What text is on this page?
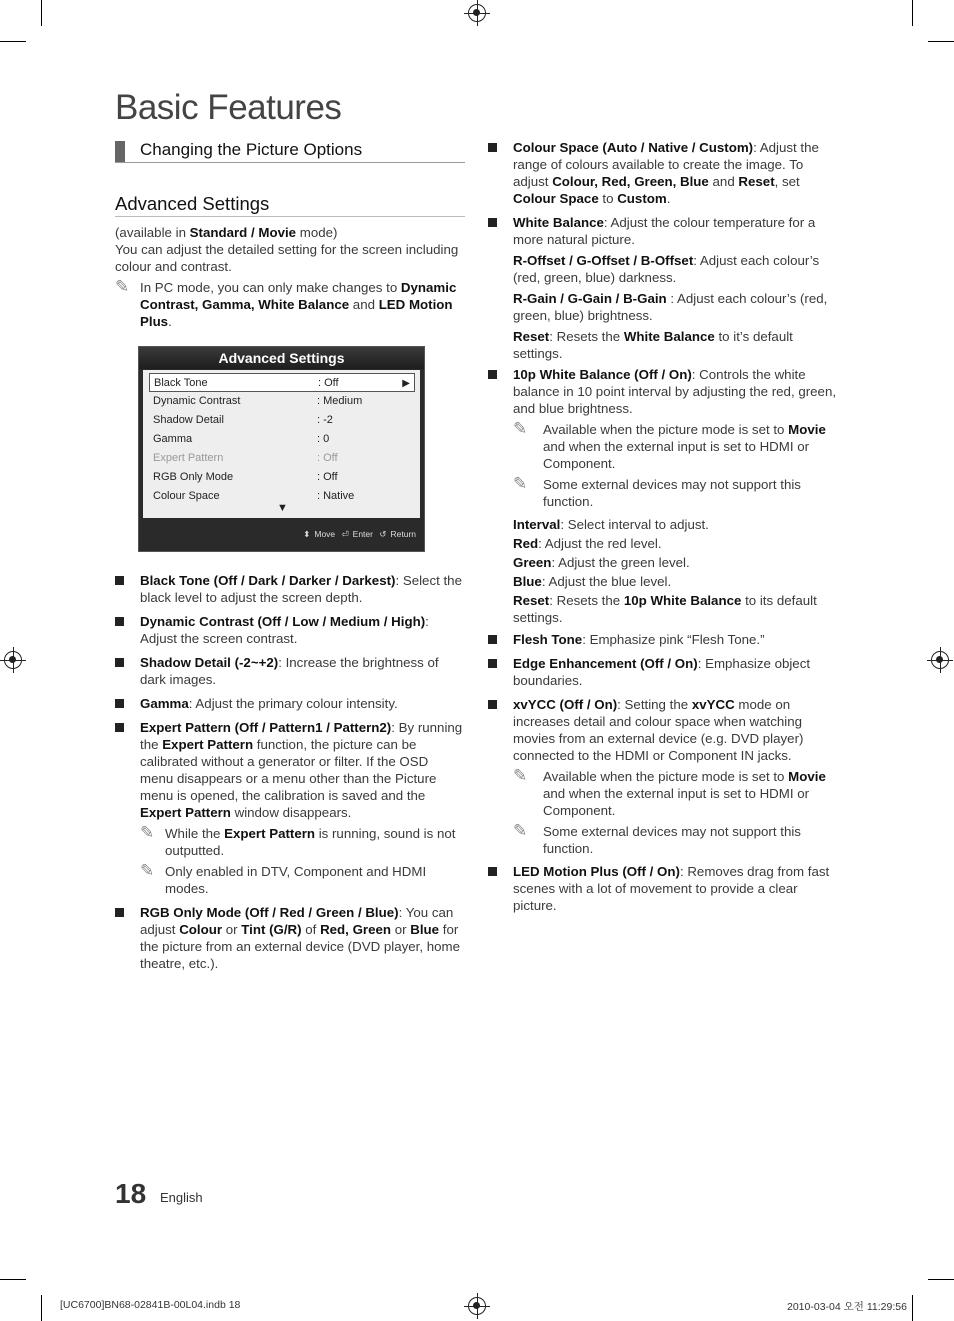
Basic Features
Changing the Picture Options
Advanced Settings

(available in Standard / Movie mode)

You can adjust the detailed setting for the screen including colour and contrast.

✎ In PC mode, you can only make changes to Dynamic Contrast, Gamma, White Balance and LED Motion Plus.
Advanced Settings
Black Tone	: Off	▶
Dynamic Contrast	: Medium
Shadow Detail	: -2
Gamma	: 0
Expert Pattern	: Off
RGB Only Mode	: Off
Colour Space	: Native
▼
⬍ Move ⏎ Enter ↺ Return
Black Tone (Off / Dark / Darker / Darkest): Select the black level to adjust the screen depth.
Dynamic Contrast (Off / Low / Medium / High): Adjust the screen contrast.
Shadow Detail (-2~+2): Increase the brightness of dark images.
Gamma: Adjust the primary colour intensity.
Expert Pattern (Off / Pattern1 / Pattern2): By running the Expert Pattern function, the picture can be calibrated without a generator or filter. If the OSD menu disappears or a menu other than the Picture menu is opened, the calibration is saved and the Expert Pattern window disappears.
✎ While the Expert Pattern is running, sound is not outputted.
✎ Only enabled in DTV, Component and HDMI modes.
RGB Only Mode (Off / Red / Green / Blue): You can adjust Colour or Tint (G/R) of Red, Green or Blue for the picture from an external device (DVD player, home theatre, etc.).
Colour Space (Auto / Native / Custom): Adjust the range of colours available to create the image. To adjust Colour, Red, Green, Blue and Reset, set Colour Space to Custom.
White Balance: Adjust the colour temperature for a more natural picture.

R-Offset / G-Offset / B-Offset: Adjust each colour’s (red, green, blue) darkness.

R-Gain / G-Gain / B-Gain : Adjust each colour’s (red, green, blue) brightness.

Reset: Resets the White Balance to it’s default settings.

10p White Balance (Off / On): Controls the white balance in 10 point interval by adjusting the red, green, and blue brightness.
✎ Available when the picture mode is set to Movie and when the external input is set to HDMI or Component.
✎ Some external devices may not support this function.

Interval: Select interval to adjust.

Red: Adjust the red level.

Green: Adjust the green level.

Blue: Adjust the blue level.

Reset: Resets the 10p White Balance to its default settings.

Flesh Tone: Emphasize pink “Flesh Tone.”
Edge Enhancement (Off / On): Emphasize object boundaries.
xvYCC (Off / On): Setting the xvYCC mode on increases detail and colour space when watching movies from an external device (e.g. DVD player) connected to the HDMI or Component IN jacks.
✎ Available when the picture mode is set to Movie and when the external input is set to HDMI or Component.
✎ Some external devices may not support this function.
LED Motion Plus (Off / On): Removes drag from fast scenes with a lot of movement to provide a clear picture.
18 English
[UC6700]BN68-02841B-00L04.indb 18	2010-03-04 오전 11:29:56
